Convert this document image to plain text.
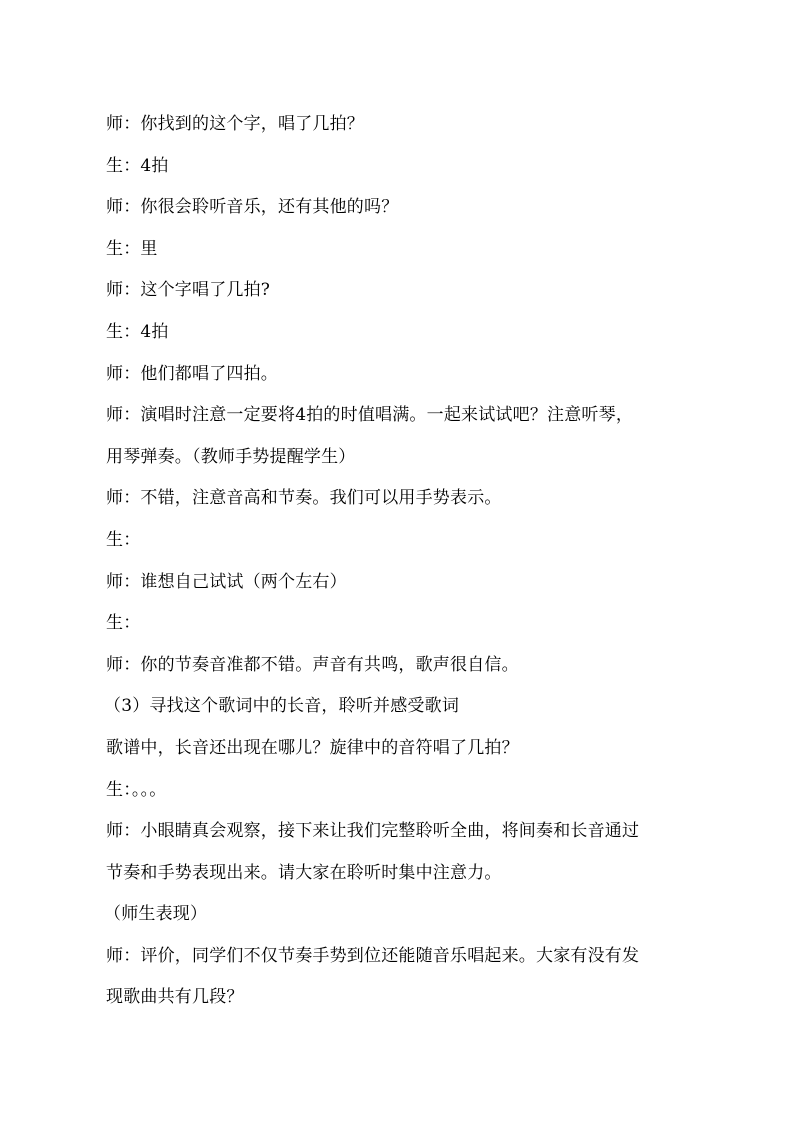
师：你找到的这个字，唱了几拍？
生：4拍
师：你很会聆听音乐，还有其他的吗？
生：里
师：这个字唱了几拍?
生：4拍
师：他们都唱了四拍。
师：演唱时注意一定要将4拍的时值唱满。一起来试试吧？注意听琴，
用琴弹奏。（教师手势提醒学生）
师：不错，注意音高和节奏。我们可以用手势表示。
生：
师：谁想自己试试（两个左右）
生：
师：你的节奏音准都不错。声音有共鸣，歌声很自信。
（3）寻找这个歌词中的长音，聆听并感受歌词
歌谱中，长音还出现在哪儿？旋律中的音符唱了几拍？
生：。。。
师：小眼睛真会观察，接下来让我们完整聆听全曲，将间奏和长音通过
节奏和手势表现出来。请大家在聆听时集中注意力。
（师生表现）
师：评价，同学们不仅节奏手势到位还能随音乐唱起来。大家有没有发
现歌曲共有几段？
